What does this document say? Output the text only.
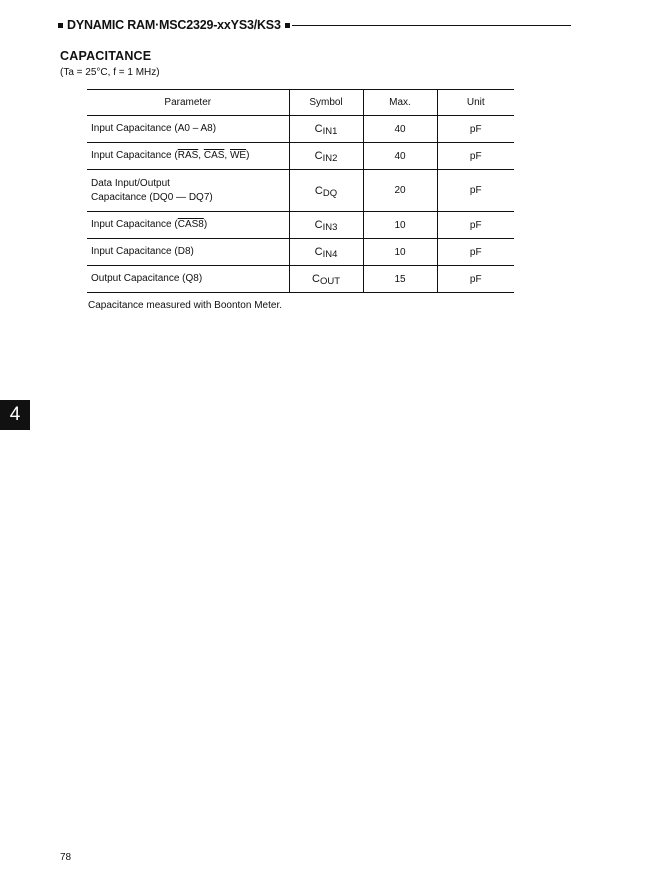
DYNAMIC RAM·MSC2329-xxYS3/KS3
CAPACITANCE
(Ta = 25°C, f = 1 MHz)
Parameter	Symbol	Max.	Unit
Input Capacitance (A0 – A8)	CIN1	40	pF
Input Capacitance ($\overline{RAS}$, $\overline{CAS}$, $\overline{WE}$)	CIN2	40	pF

Data Input/Output
Capacitance (DQ0 — DQ7)	CDQ	20	pF
Input Capacitance (CAS8)	CIN3	10	pF
Input Capacitance (D8)	CIN4	10	pF
Output Capacitance (Q8)	COUT	15	pF
Capacitance measured with Boonton Meter.
4
78
